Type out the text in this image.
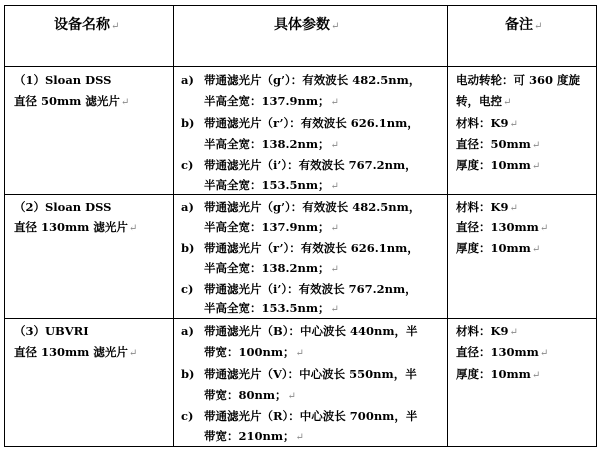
设备名称↵	具体参数↵	备注↵
（1）Sloan DSS
直径 50mm 滤光片↵
a) 带通滤光片（g’）：有效波长 482.5nm，
半高全宽：137.9nm；↵
b) 带通滤光片（r’）：有效波长 626.1nm，
半高全宽：138.2nm；↵
c) 带通滤光片（i’）：有效波长 767.2nm，
半高全宽：153.5nm；↵
电动转轮：可 360 度旋
转，电控↵
材料：K9↵
直径：50mm↵
厚度：10mm↵
（2）Sloan DSS
直径 130mm 滤光片↵
a) 带通滤光片（g’）：有效波长 482.5nm，
半高全宽：137.9nm；↵
b) 带通滤光片（r’）：有效波长 626.1nm，
半高全宽：138.2nm；↵
c) 带通滤光片（i’）：有效波长 767.2nm，
半高全宽：153.5nm；↵
材料：K9↵
直径：130mm↵
厚度：10mm↵
（3）UBVRI
直径 130mm 滤光片↵
a) 带通滤光片（B）：中心波长 440nm，半
带宽：100nm；↵
b) 带通滤光片（V）：中心波长 550nm，半
带宽：80nm；↵
c) 带通滤光片（R）：中心波长 700nm，半
带宽：210nm；↵
材料：K9↵
直径：130mm↵
厚度：10mm↵
